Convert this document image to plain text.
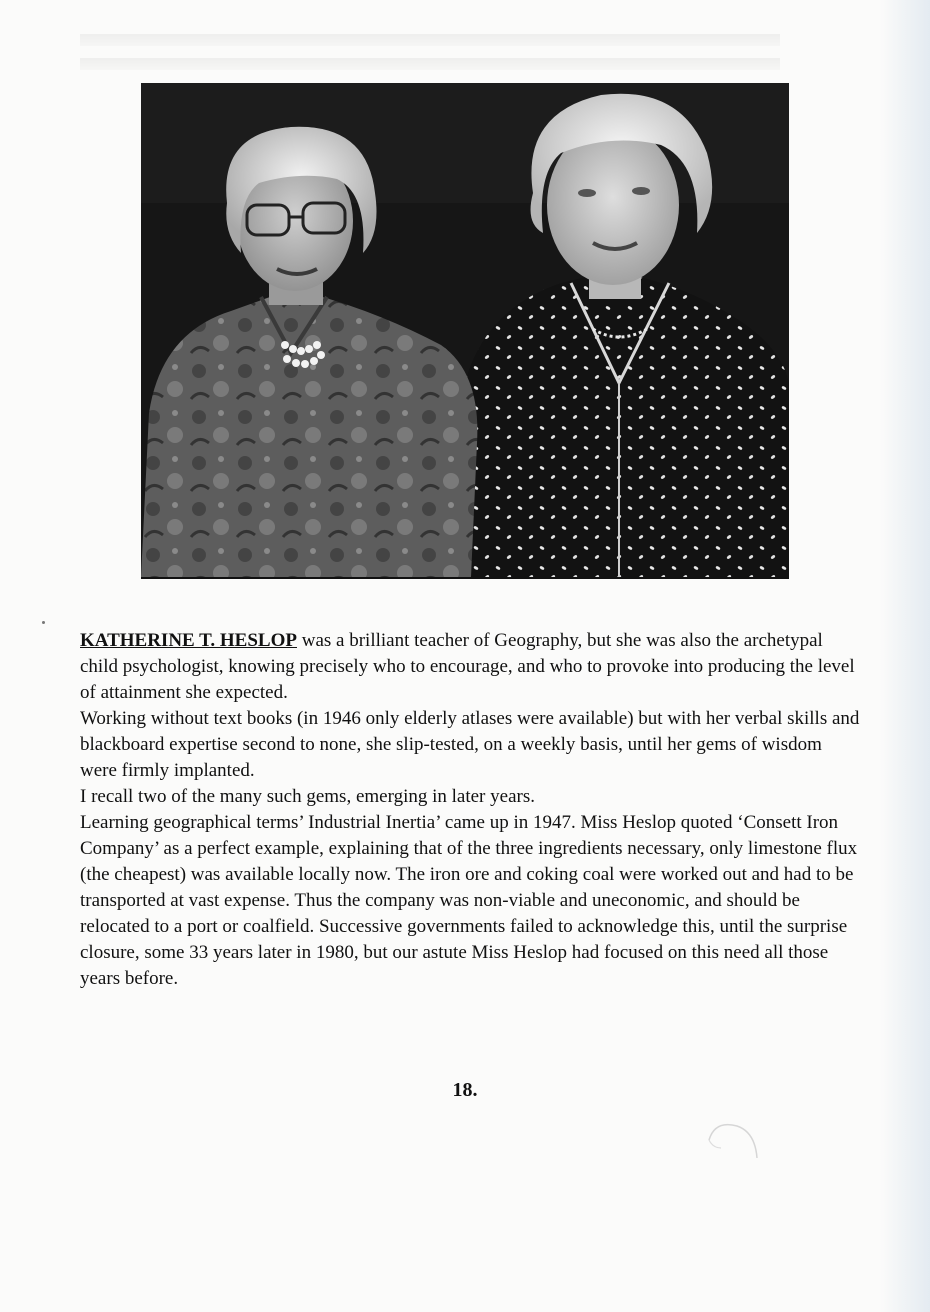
KATHERINE T. HESLOP was a brilliant teacher of Geography, but she was also the archetypal child psychologist, knowing precisely who to encourage, and who to provoke into producing the level of attainment she expected.

Working without text books (in 1946 only elderly atlases were available) but with her verbal skills and blackboard expertise second to none, she slip-tested, on a weekly basis, until her gems of wisdom were firmly implanted.

I recall two of the many such gems, emerging in later years.

Learning geographical terms’ Industrial Inertia’ came up in 1947. Miss Heslop quoted ‘Consett Iron Company’ as a perfect example, explaining that of the three ingredients necessary, only limestone flux (the cheapest) was available locally now. The iron ore and coking coal were worked out and had to be transported at vast expense. Thus the company was non-viable and uneconomic, and should be relocated to a port or coalfield. Successive governments failed to acknowledge this, until the surprise closure, some 33 years later in 1980, but our astute Miss Heslop had focused on this need all those years before.

18.
